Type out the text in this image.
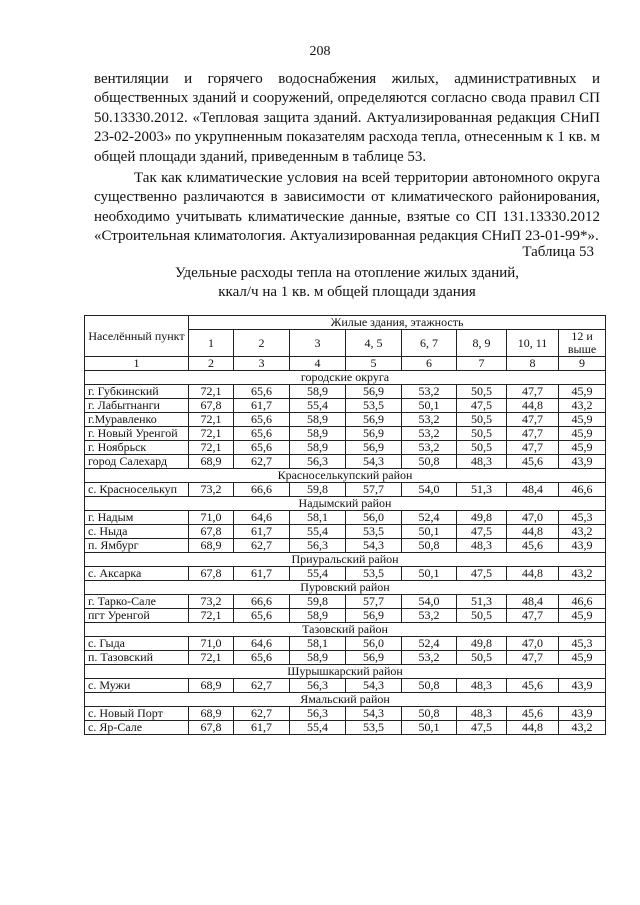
208

вентиляции и горячего водоснабжения жилых, административных и общественных зданий и сооружений, определяются согласно свода правил СП 50.13330.2012. «Тепловая защита зданий. Актуализированная редакция СНиП 23-02-2003» по укрупненным показателям расхода тепла, отнесенным к 1 кв. м общей площади зданий, приведенным в таблице 53.

Так как климатические условия на всей территории автономного округа существенно различаются в зависимости от климатического районирования, необходимо учитывать климатические данные, взятые со СП 131.13330.2012 «Строительная климатология. Актуализированная редакция СНиП 23-01-99*».

Таблица 53
Удельные расходы тепла на отопление жилых зданий,
ккал/ч на 1 кв. м общей площади здания
Населённый пункт	Жилые здания, этажность							
	1	2	3	4, 5	6, 7	8, 9	10, 11	12 и выше
1	2	3	4	5	6	7	8	9
городские округа								
г. Губкинский	72,1	65,6	58,9	56,9	53,2	50,5	47,7	45,9
г. Лабытнанги	67,8	61,7	55,4	53,5	50,1	47,5	44,8	43,2
г.Муравленко	72,1	65,6	58,9	56,9	53,2	50,5	47,7	45,9
г. Новый Уренгой	72,1	65,6	58,9	56,9	53,2	50,5	47,7	45,9
г. Ноябрьск	72,1	65,6	58,9	56,9	53,2	50,5	47,7	45,9
город Салехард	68,9	62,7	56,3	54,3	50,8	48,3	45,6	43,9
Красноселькупский район								
с. Красноселькуп	73,2	66,6	59,8	57,7	54,0	51,3	48,4	46,6
Надымский район								
г. Надым	71,0	64,6	58,1	56,0	52,4	49,8	47,0	45,3
с. Ныда	67,8	61,7	55,4	53,5	50,1	47,5	44,8	43,2
п. Ямбург	68,9	62,7	56,3	54,3	50,8	48,3	45,6	43,9
Приуральский район								
с. Аксарка	67,8	61,7	55,4	53,5	50,1	47,5	44,8	43,2
Пуровский район								
г. Тарко-Сале	73,2	66,6	59,8	57,7	54,0	51,3	48,4	46,6
пгт Уренгой	72,1	65,6	58,9	56,9	53,2	50,5	47,7	45,9
Тазовский район								
с. Гыда	71,0	64,6	58,1	56,0	52,4	49,8	47,0	45,3
п. Тазовский	72,1	65,6	58,9	56,9	53,2	50,5	47,7	45,9
Шурышкарский район								
с. Мужи	68,9	62,7	56,3	54,3	50,8	48,3	45,6	43,9
Ямальский район								
с. Новый Порт	68,9	62,7	56,3	54,3	50,8	48,3	45,6	43,9
с. Яр-Сале	67,8	61,7	55,4	53,5	50,1	47,5	44,8	43,2
